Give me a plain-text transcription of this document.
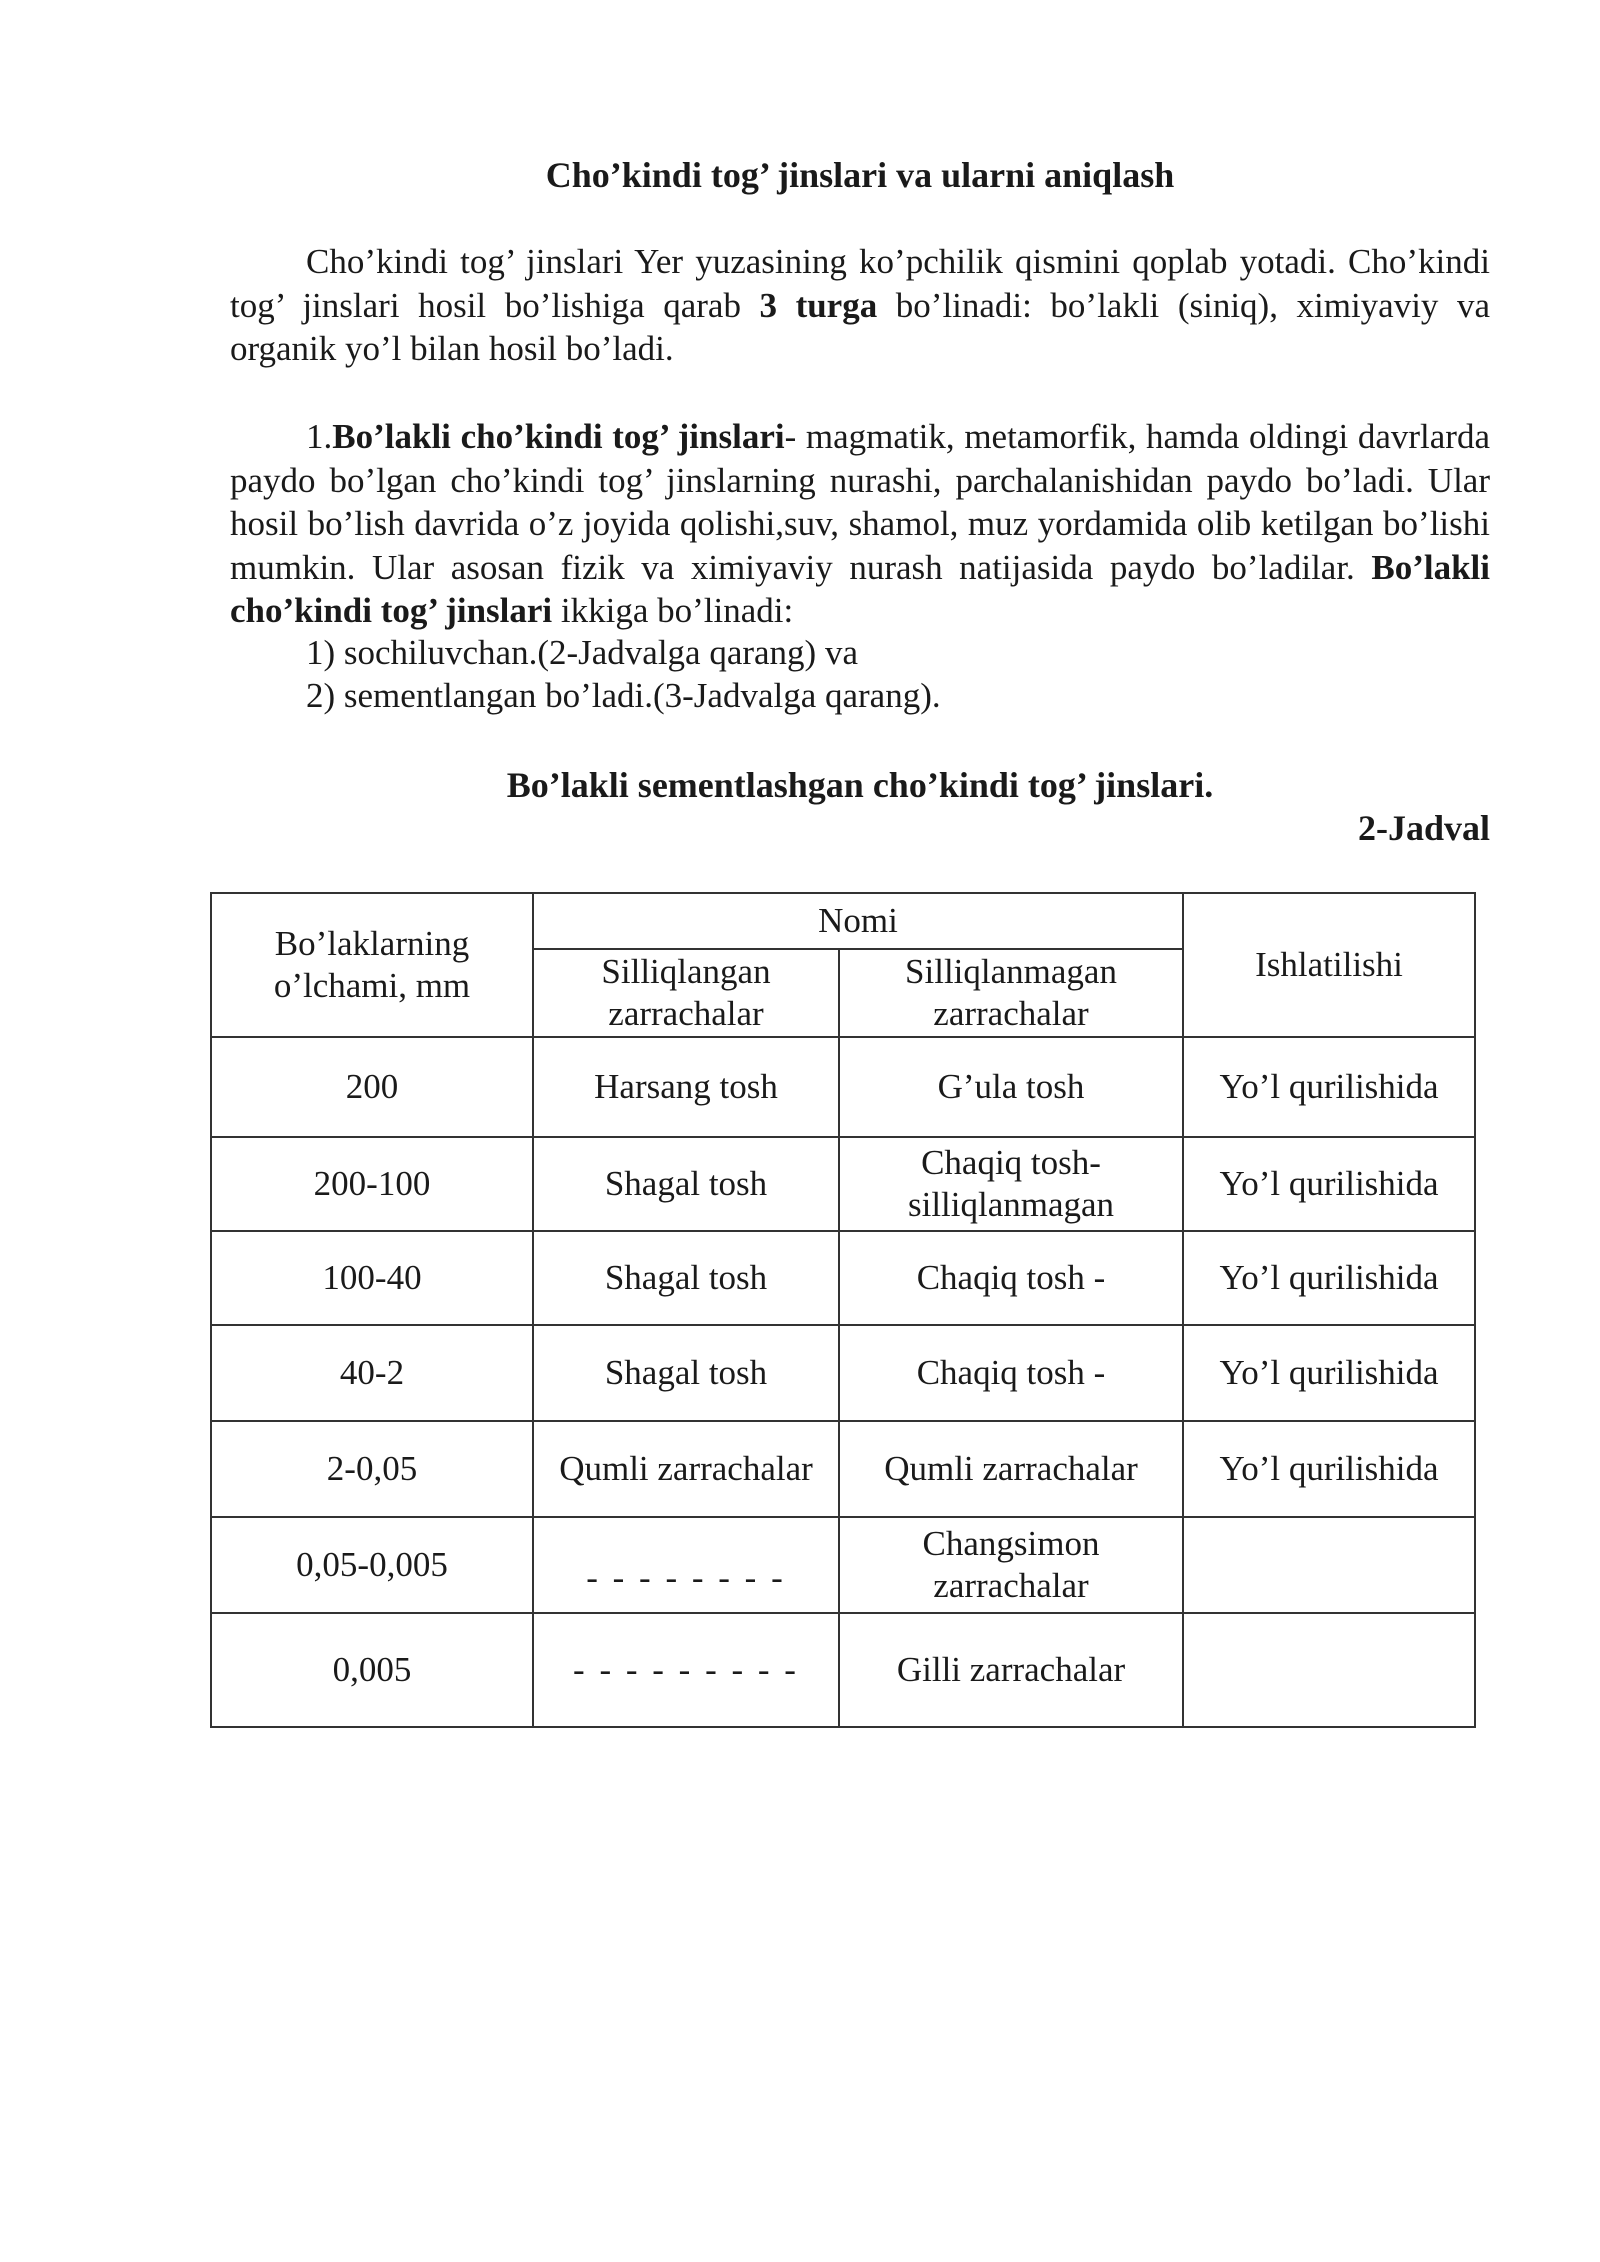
Cho’kindi tog’ jinslari va ularni aniqlash

Cho’kindi tog’ jinslari Yer yuzasining ko’pchilik qismini qoplab yotadi. Cho’kindi tog’ jinslari hosil bo’lishiga qarab 3 turga bo’linadi: bo’lakli (siniq), ximiyaviy va organik yo’l bilan hosil bo’ladi.

1.Bo’lakli cho’kindi tog’ jinslari- magmatik, metamorfik, hamda oldingi davrlarda paydo bo’lgan cho’kindi tog’ jinslarning nurashi, parchalanishidan paydo bo’ladi. Ular hosil bo’lish davrida o’z joyida qolishi,suv, shamol, muz yordamida olib ketilgan bo’lishi mumkin. Ular asosan fizik va ximiyaviy nurash natijasida paydo bo’ladilar. Bo’lakli cho’kindi tog’ jinslari ikkiga bo’linadi:

1) sochiluvchan.(2-Jadvalga qarang) va
2) sementlangan bo’ladi.(3-Jadvalga qarang).
Bo’lakli sementlashgan cho’kindi tog’ jinslari.
2-Jadval
Bo’laklarning o’lchami, mm	Nomi		Ishlatilishi
	Silliqlangan zarrachalar	Silliqlanmagan zarrachalar	
200	Harsang tosh	G’ula tosh	Yo’l qurilishida
200-100	Shagal tosh	Chaqiq tosh- silliqlanmagan	Yo’l qurilishida
100-40	Shagal tosh	Chaqiq tosh -	Yo’l qurilishida
40-2	Shagal tosh	Chaqiq tosh -	Yo’l qurilishida
2-0,05	Qumli zarrachalar	Qumli zarrachalar	Yo’l qurilishida
0,05-0,005	- - - - - - - -	Changsimon zarrachalar	
0,005	- - - - - - - - -	Gilli zarrachalar	
